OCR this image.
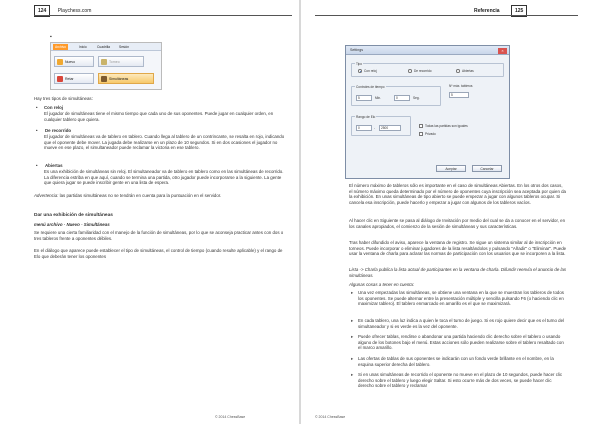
124 Playchess.com
▪
Archivo	Inicio	Cuadrilla	Sesión
Nuevo
Retar
Torneo
Simultáneas
Hay tres tipos de simultáneas:
• Con reloj
El jugador de simultáneas tiene el mismo tiempo que cada uno de sus oponentes. Puede jugar en cualquier orden, en cualquier tablero que quiera.
• De recorrido
El jugador de simultáneas va de tablero en tablero. Cuando llega al tablero de un contrincante, se resalta en rojo, indicando que el oponente debe mover. La jugada debe realizarse en un plazo de 10 segundos. Si en dos ocasiones el jugador no mueve en ese plazo, el simultaneador puede reclamar la victoria en ese tablero.
• Abiertas
Es una exhibición de simultáneas sin reloj. El simultaneador va de tablero en tablero como en las simultáneas de recorrido. La diferencia estriba en que aquí, cuando se termina una partida, otro jugador puede incorporarse a la siguiente. La gente que quiera jugar se puede inscribir gente en una lista de espera.
Advertencia: las partidas simultáneas no se tendrán en cuenta para la puntuación en el servidor.
Dar una exhibición de simultáneas
menú archivo · Nuevo · Simultáneas
Se requiere una cierta familiaridad con el manejo de la función de simultáneas, por lo que se aconseja practicar antes con dos o tres tableros frente a oponentes débiles.
En el diálogo que aparece puede establecer el tipo de simultáneas, el control de tiempo (cuando resulte aplicable) y el rango de Elo que deberán tener los oponentes
© 2014 ChessBase
Referencia	125
El número máximo de tableros sólo es importante en el caso de simultáneas Abiertas. En los otros dos casos, el número máximo queda determinado por el número de oponentes cuya inscripción sea aceptada por quien da la exhibición. En unas simultáneas de tipo abierto se puede empezar a jugar con algunos tableros ocupar. Si cancela esa inscripción, puede hacerlo y empezar a jugar con algunos de los tableros vacíos.
Al hacer clic en Siguiente se pasa al diálogo de Invitación por medio del cual se da a conocer en el servidor, en los canales apropiados, el comienzo de la sesión de simultáneas y sus características.
Tras haber difundido el aviso, aparece la ventana de registro. Se sigue un sistema similar al de inscripción en torneos. Puede incorporar o eliminar jugadores de la lista resaltándolos y pulsando "Añadir" o "Eliminar". Puede usar la ventana de charla para aclarar las normas de participación con los usuarios que se incorporen a la lista.
Lista -> Charla publica la lista actual de participantes en la ventana de charla. Difundir reenvía el anuncio de las simultáneas.
Algunas cosas a tener en cuenta:
▸ Una vez empezadas las simultáneas, se obtiene una ventana en la que se muestran los tableros de todos los oponentes. Se puede alternar entre la presentación múltiple y sencilla pulsando F6 (o haciendo clic en maximizar tablero). El tablero enmarcado en amarillo es el que se maximizará.
▸ En cada tablero, una luz indica a quien le toca el turno de juego. Si es rojo quiere decir que es el turno del simultaneador y si es verde es la vez del oponente.
▸ Puede ofrecer tablas, rendirse o abandonar una partida haciendo clic derecho sobre el tablero o usando alguno de los botones bajo el menú. Estas acciones sólo pueden realizarse sobre el tablero resaltado con el marco amarillo.
▸ Las ofertas de tablas de sus oponentes se indicarán con un fondo verde brillante en el nombre, en la esquina superior derecha del tablero.
▸ Si en unas simultáneas de recorrido el oponente no mueve en el plazo de 10 segundos, puede hacer clic derecho sobre el tablero y luego elegir Saltar. Si esto ocurre más de dos veces, se puede hacer clic derecho sobre el tablero y reclamar
© 2014 ChessBase
Settings	×
Tipo
Con reloj	De recorrido	Abiertas
Controles de tiempo
5	Min.	0	Seg.
Nº máx. tableros
5
Rango de Elo
0	-	2500	Todas las partidas son iguales
Privado
Aceptar	Cancelar
